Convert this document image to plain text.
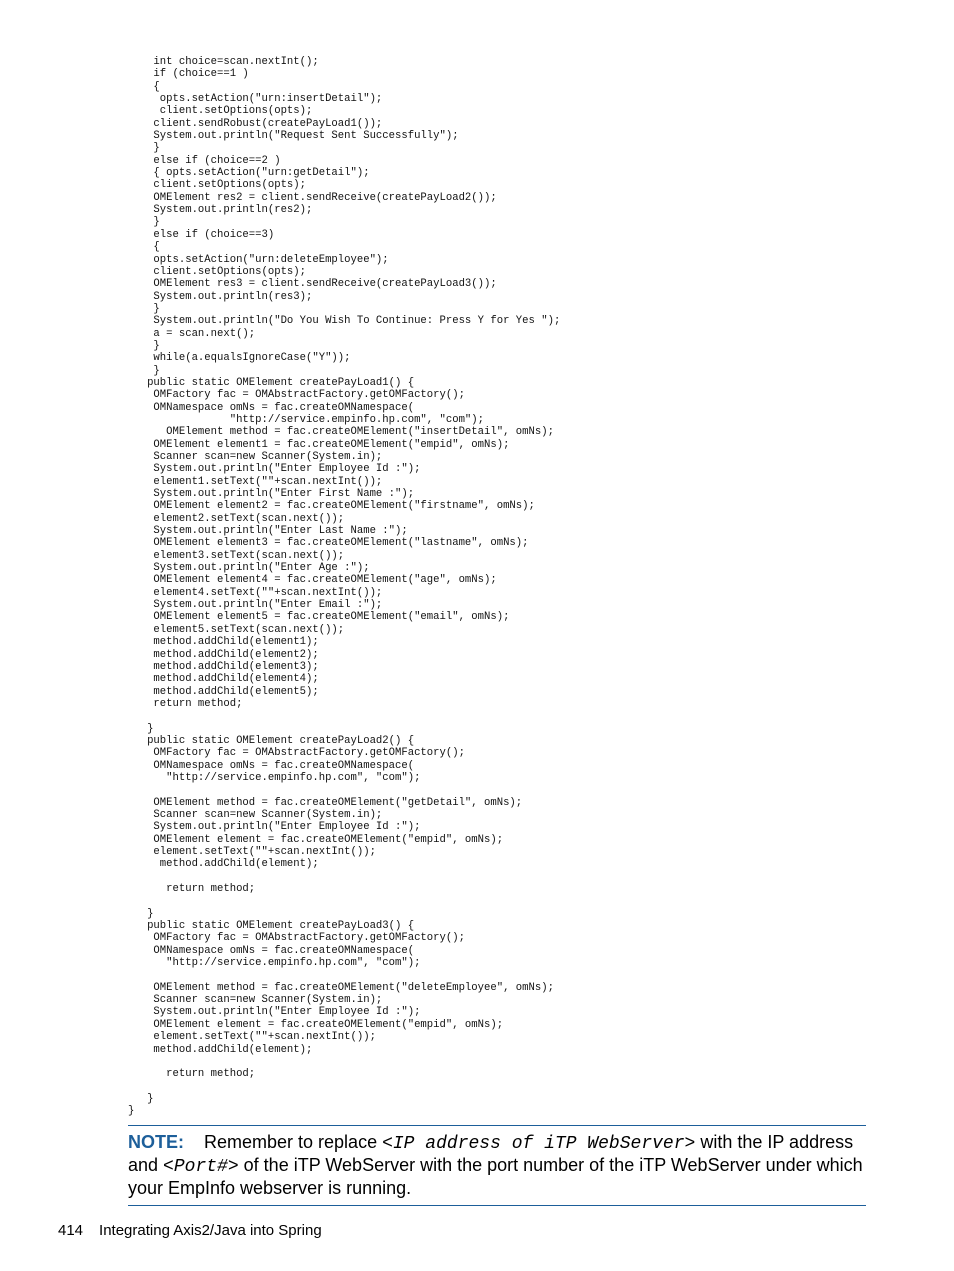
int choice=scan.nextInt();
if (choice==1 )
{
opts.setAction("urn:insertDetail");
client.setOptions(opts);
client.sendRobust(createPayLoad1());
System.out.println("Request Sent Successfully");
}
else if (choice==2 )
{ opts.setAction("urn:getDetail");
client.setOptions(opts);
OMElement res2 = client.sendReceive(createPayLoad2());
System.out.println(res2);
}
else if (choice==3)
{
opts.setAction("urn:deleteEmployee");
client.setOptions(opts);
OMElement res3 = client.sendReceive(createPayLoad3());
System.out.println(res3);
}
System.out.println("Do You Wish To Continue: Press Y for Yes ");
a = scan.next();
}
while(a.equalsIgnoreCase("Y"));
}
public static OMElement createPayLoad1() {
OMFactory fac = OMAbstractFactory.getOMFactory();
OMNamespace omNs = fac.createOMNamespace(
"http://service.empinfo.hp.com", "com");
OMElement method = fac.createOMElement("insertDetail", omNs);
OMElement element1 = fac.createOMElement("empid", omNs);
Scanner scan=new Scanner(System.in);
System.out.println("Enter Employee Id :");
element1.setText(""+scan.nextInt());
System.out.println("Enter First Name :");
OMElement element2 = fac.createOMElement("firstname", omNs);
element2.setText(scan.next());
System.out.println("Enter Last Name :");
OMElement element3 = fac.createOMElement("lastname", omNs);
element3.setText(scan.next());
System.out.println("Enter Age :");
OMElement element4 = fac.createOMElement("age", omNs);
element4.setText(""+scan.nextInt());
System.out.println("Enter Email :");
OMElement element5 = fac.createOMElement("email", omNs);
element5.setText(scan.next());
method.addChild(element1);
method.addChild(element2);
method.addChild(element3);
method.addChild(element4);
method.addChild(element5);
return method;
}
public static OMElement createPayLoad2() {
OMFactory fac = OMAbstractFactory.getOMFactory();
OMNamespace omNs = fac.createOMNamespace(
"http://service.empinfo.hp.com", "com");
OMElement method = fac.createOMElement("getDetail", omNs);
Scanner scan=new Scanner(System.in);
System.out.println("Enter Employee Id :");
OMElement element = fac.createOMElement("empid", omNs);
element.setText(""+scan.nextInt());
method.addChild(element);
return method;
}
public static OMElement createPayLoad3() {
OMFactory fac = OMAbstractFactory.getOMFactory();
OMNamespace omNs = fac.createOMNamespace(
"http://service.empinfo.hp.com", "com");
OMElement method = fac.createOMElement("deleteEmployee", omNs);
Scanner scan=new Scanner(System.in);
System.out.println("Enter Employee Id :");
OMElement element = fac.createOMElement("empid", omNs);
element.setText(""+scan.nextInt());
method.addChild(element);
return method;
}
}
NOTE: Remember to replace <IP address of iTP WebServer> with the IP address and <Port#> of the iTP WebServer with the port number of the iTP WebServer under which your EmpInfo webserver is running.
414 Integrating Axis2/Java into Spring
